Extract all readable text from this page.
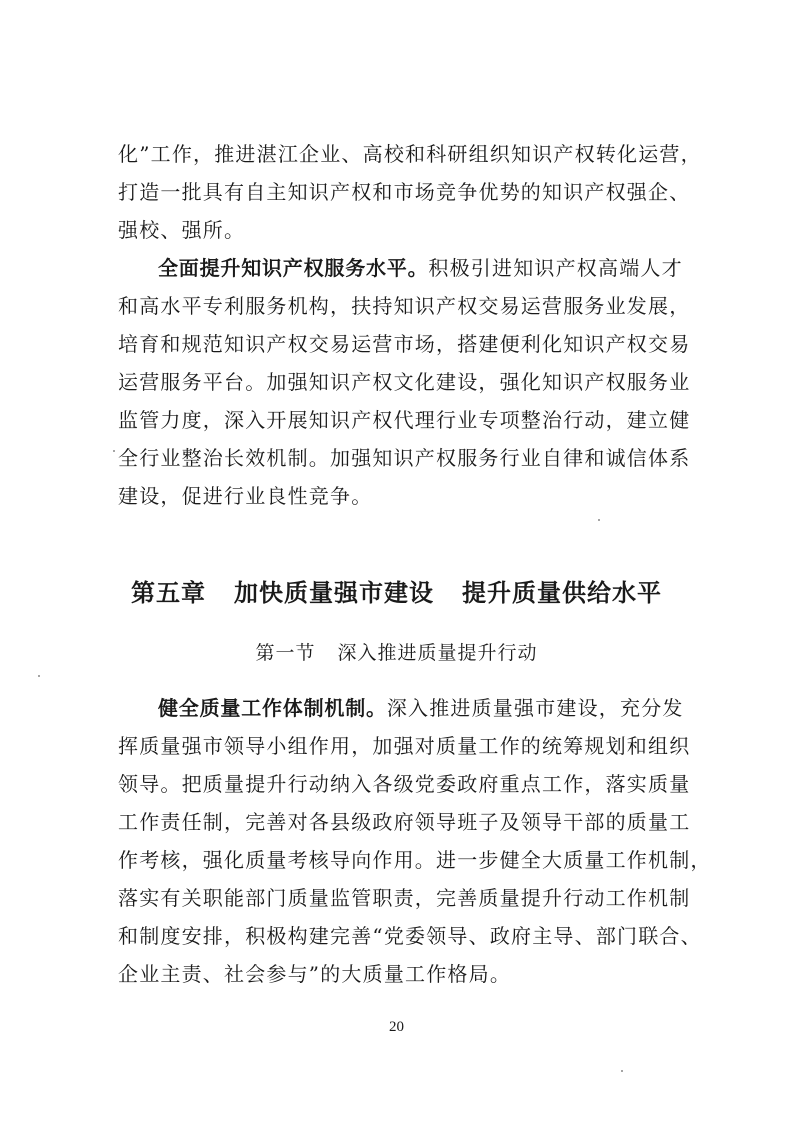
化”工作，推进湛江企业、高校和科研组织知识产权转化运营，
打造一批具有自主知识产权和市场竞争优势的知识产权强企、
强校、强所。
全面提升知识产权服务水平。积极引进知识产权高端人才
和高水平专利服务机构，扶持知识产权交易运营服务业发展，
培育和规范知识产权交易运营市场，搭建便利化知识产权交易
运营服务平台。加强知识产权文化建设，强化知识产权服务业
监管力度，深入开展知识产权代理行业专项整治行动，建立健
全行业整治长效机制。加强知识产权服务行业自律和诚信体系
建设，促进行业良性竞争。
第五章 加快质量强市建设 提升质量供给水平
第一节 深入推进质量提升行动
健全质量工作体制机制。深入推进质量强市建设，充分发
挥质量强市领导小组作用，加强对质量工作的统筹规划和组织
领导。把质量提升行动纳入各级党委政府重点工作，落实质量
工作责任制，完善对各县级政府领导班子及领导干部的质量工
作考核，强化质量考核导向作用。进一步健全大质量工作机制，
落实有关职能部门质量监管职责，完善质量提升行动工作机制
和制度安排，积极构建完善“党委领导、政府主导、部门联合、
企业主责、社会参与”的大质量工作格局。
20
